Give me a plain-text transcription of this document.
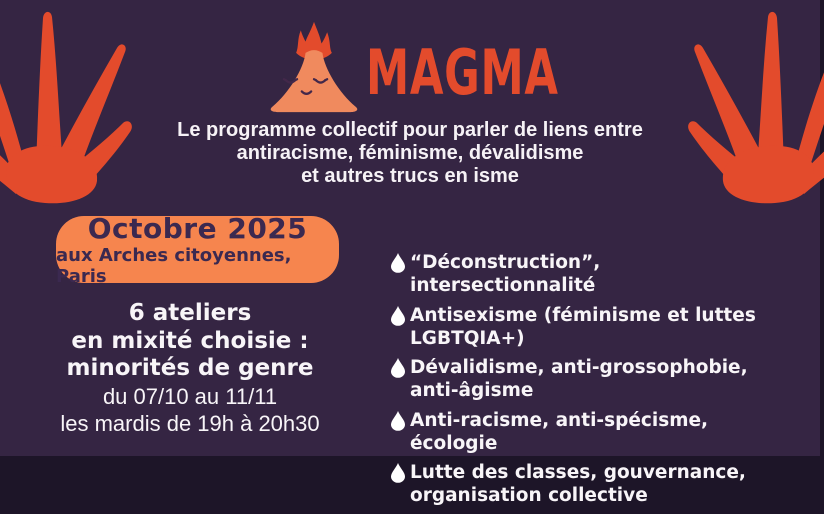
MAGMA
Le programme collectif pour parler de liens entre
antiracisme, féminisme, dévalidisme
et autres trucs en isme
Octobre 2025
aux Arches citoyennes, Paris
6 ateliers
en mixité choisie :
minorités de genre
du 07/10 au 11/11
les mardis de 19h à 20h30
“Déconstruction”, intersectionnalité
Antisexisme (féminisme et luttes LGBTQIA+)
Dévalidisme, anti-grossophobie, anti-âgisme
Anti-racisme, anti-spécisme, écologie
Lutte des classes, gouvernance, organisation collective
